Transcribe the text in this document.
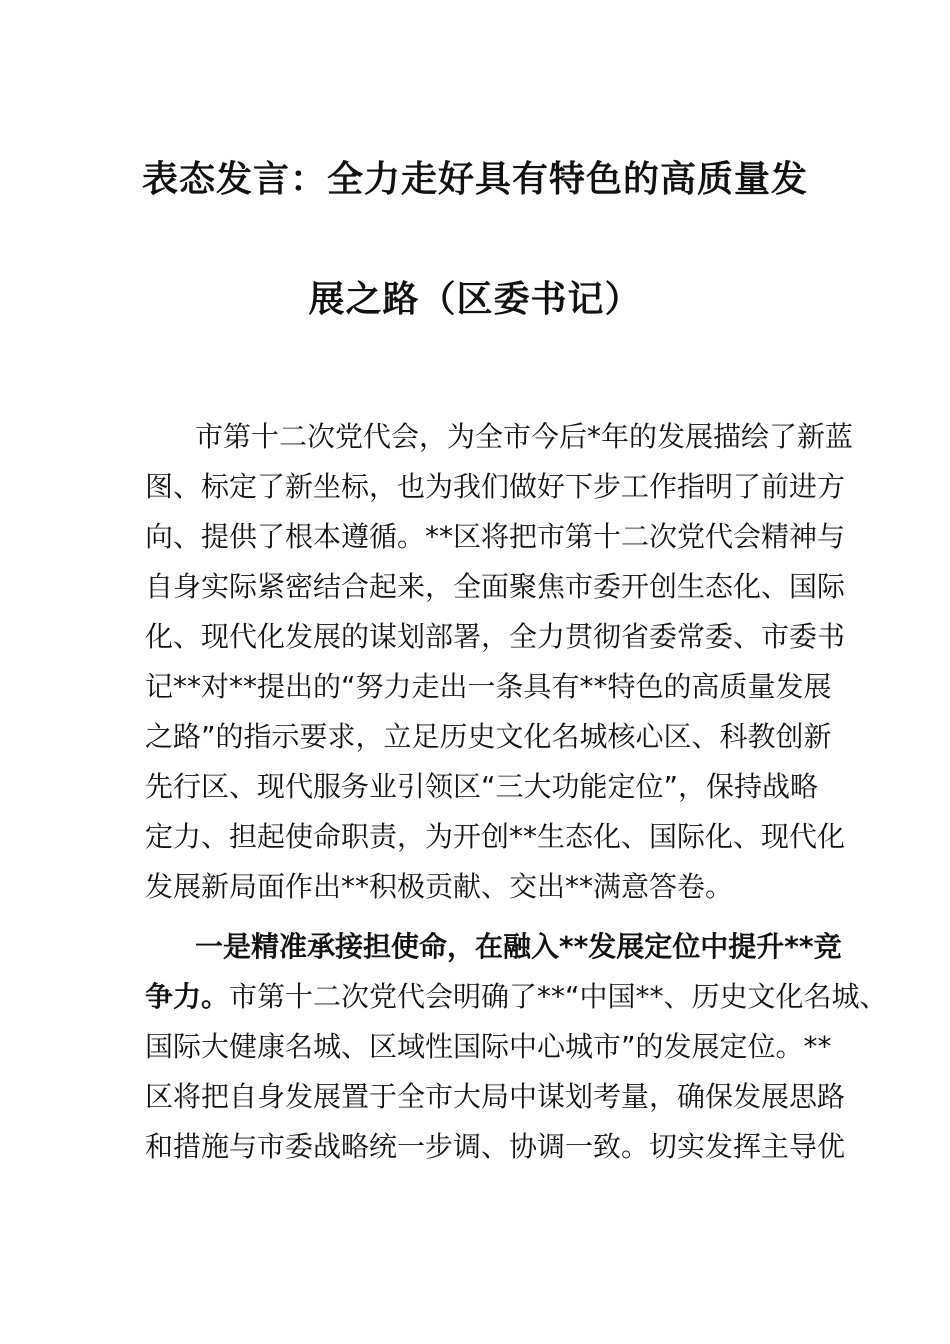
表态发言：全力走好具有特色的高质量发
展之路（区委书记）
市第十二次党代会，为全市今后*年的发展描绘了新蓝
图、标定了新坐标，也为我们做好下步工作指明了前进方
向、提供了根本遵循。**区将把市第十二次党代会精神与
自身实际紧密结合起来，全面聚焦市委开创生态化、国际
化、现代化发展的谋划部署，全力贯彻省委常委、市委书
记**对**提出的“努力走出一条具有**特色的高质量发展
之路”的指示要求，立足历史文化名城核心区、科教创新
先行区、现代服务业引领区“三大功能定位”，保持战略
定力、担起使命职责，为开创**生态化、国际化、现代化
发展新局面作出**积极贡献、交出**满意答卷。
一是精准承接担使命，在融入**发展定位中提升**竞
争力。市第十二次党代会明确了**“中国**、历史文化名城、
国际大健康名城、区域性国际中心城市”的发展定位。**
区将把自身发展置于全市大局中谋划考量，确保发展思路
和措施与市委战略统一步调、协调一致。切实发挥主导优
